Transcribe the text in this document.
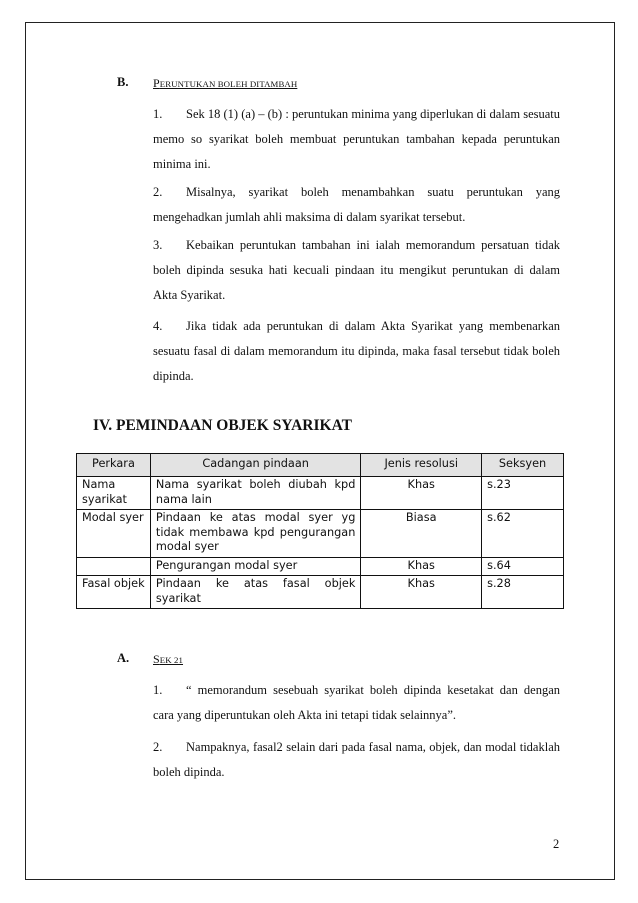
B. PERUNTUKAN BOLEH DITAMBAH
1. Sek 18 (1) (a) – (b) : peruntukan minima yang diperlukan di dalam sesuatu memo so syarikat boleh membuat peruntukan tambahan kepada peruntukan minima ini.
2. Misalnya, syarikat boleh menambahkan suatu peruntukan yang mengehadkan jumlah ahli maksima di dalam syarikat tersebut.
3. Kebaikan peruntukan tambahan ini ialah memorandum persatuan tidak boleh dipinda sesuka hati kecuali pindaan itu mengikut peruntukan di dalam Akta Syarikat.
4. Jika tidak ada peruntukan di dalam Akta Syarikat yang membenarkan sesuatu fasal di dalam memorandum itu dipinda, maka fasal tersebut tidak boleh dipinda.
IV. PEMINDAAN OBJEK SYARIKAT
Perkara	Cadangan pindaan	Jenis resolusi	Seksyen
Nama syarikat	Nama syarikat boleh diubah kpd nama lain	Khas	s.23
Modal syer	Pindaan ke atas modal syer yg tidak membawa kpd pengurangan modal syer	Biasa	s.62
	Pengurangan modal syer	Khas	s.64
Fasal objek	Pindaan ke atas fasal objek syarikat	Khas	s.28
A. SEK 21
1. “ memorandum sesebuah syarikat boleh dipinda kesetakat dan dengan cara yang diperuntukan oleh Akta ini tetapi tidak selainnya”.
2. Nampaknya, fasal2 selain dari pada fasal nama, objek, dan modal tidaklah boleh dipinda.
2
